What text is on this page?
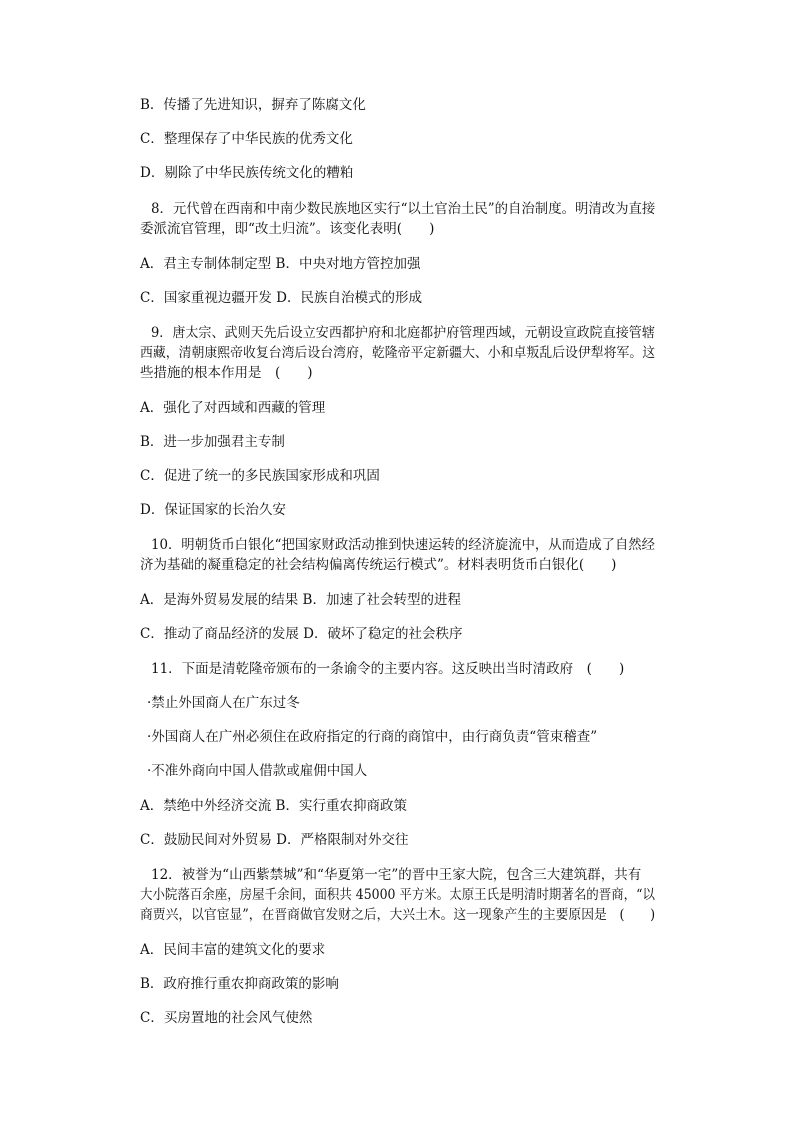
B．传播了先进知识，摒弃了陈腐文化
C．整理保存了中华民族的优秀文化
D．剔除了中华民族传统文化的糟粕
8．元代曾在西南和中南少数民族地区实行“以土官治土民”的自治制度。明清改为直接
委派流官管理，即“改土归流”。该变化表明(　　)
A．君主专制体制定型 B．中央对地方管控加强
C．国家重视边疆开发 D．民族自治模式的形成
9．唐太宗、武则天先后设立安西都护府和北庭都护府管理西域，元朝设宣政院直接管辖
西藏，清朝康熙帝收复台湾后设台湾府，乾隆帝平定新疆大、小和卓叛乱后设伊犁将军。这
些措施的根本作用是　(　　)
A．强化了对西域和西藏的管理
B．进一步加强君主专制
C．促进了统一的多民族国家形成和巩固
D．保证国家的长治久安
10．明朝货币白银化“把国家财政活动推到快速运转的经济旋流中，从而造成了自然经
济为基础的凝重稳定的社会结构偏离传统运行模式”。材料表明货币白银化(　　)
A．是海外贸易发展的结果 B．加速了社会转型的进程
C．推动了商品经济的发展 D．破坏了稳定的社会秩序
11．下面是清乾隆帝颁布的一条谕令的主要内容。这反映出当时清政府　(　　)
·禁止外国商人在广东过冬
·外国商人在广州必须住在政府指定的行商的商馆中，由行商负责“管束稽查”
·不准外商向中国人借款或雇佣中国人
A．禁绝中外经济交流 B．实行重农抑商政策
C．鼓励民间对外贸易 D．严格限制对外交往
12．被誉为“山西紫禁城”和“华夏第一宅”的晋中王家大院，包含三大建筑群，共有
大小院落百余座，房屋千余间，面积共 45000 平方米。太原王氏是明清时期著名的晋商，“以
商贾兴，以官宦显”，在晋商做官发财之后，大兴土木。这一现象产生的主要原因是　(　　)
A．民间丰富的建筑文化的要求
B．政府推行重农抑商政策的影响
C．买房置地的社会风气使然
